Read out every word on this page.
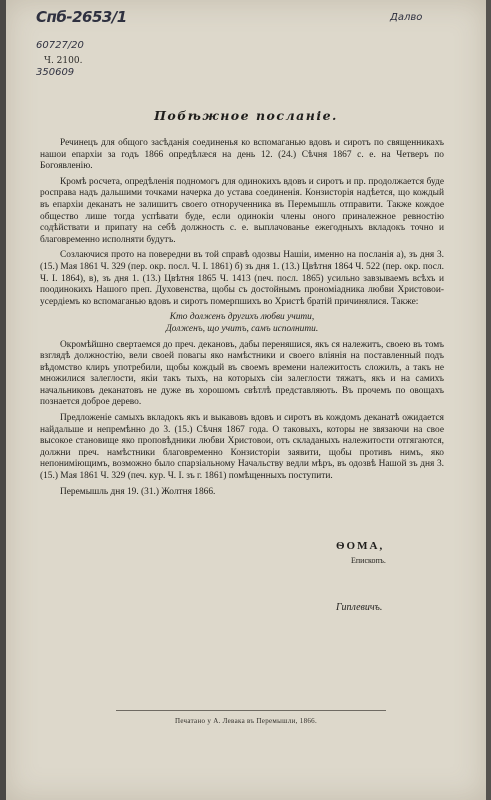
Спб-2653/1
60727/20
Ч. 2100.
350609
Далво
Побѣжное посланіе.

Речинецъ для общого засѣданія соединенья ко вспомаганью вдовъ и сиротъ по священникахъ нашои епархіи за годъ 1866 опредѣлæся на день 12. (24.) Сѣчня 1867 с. е. на Четверъ по Богоявленію.

Кромѣ росчета, опредѣленія подномогъ для одинокихъ вдовъ и сиротъ и пр. продолжается буде росправа надъ дальшими точками начерка до устава соединенія. Конзисторія надѣется, що кождый въ епархіи деканатъ не залишитъ своего отнорученника въ Перемышль отправити. Также кождое общество лише тогда успѣвати буде, если одинокіи члены оного приналежное ревностію содѣйствати и припату на себѣ должность с. е. выплачованье ежегодныхъ вкладокъ точно и благовременно исполняти будутъ.

Созлаючися прото на повередни въ той справѣ одозвы Нашіи, именно на посланія а), зъ дня 3. (15.) Мая 1861 Ч. 329 (пер. окр. посл. Ч. І. 1861) б) зъ дня 1. (13.) Цвѣтня 1864 Ч. 522 (пер. окр. посл. Ч. І. 1864), в), зъ дня 1. (13.) Цвѣтня 1865 Ч. 1413 (печ. посл. 1865) усильно завзываемъ всѣхъ и поодинокихъ Нашого преп. Духовенства, щобы съ достойнымъ прономіадника любви Христовои-усердіемъ ко вспомаганью вдовъ и сиротъ померпшихъ во Христѣ братій причинялися. Также:

Кто долженъ другихъ любви учити,

Долженъ, що учитъ, самъ исполнити.

Окромѣйшно свертаемся до преч. декановъ, дабы переняшися, якъ ся належитъ, своею въ томъ взглядѣ должностію, вели своей повагы яко намѣстники и своего вліянія на поставленный подъ вѣдомство клиръ употребили, щобы кождый въ своемъ времени належитость сложилъ, а такъ не множилися залеглости, якіи такъ тыхъ, на которыхъ сіи залеглости тяжатъ, якъ и на самихъ начальниковъ деканатовъ не дуже въ хорошомъ свѣтлѣ представляють. Въ прочемъ по овощахъ познается доброе дерево.

Предложеніе самыхъ вкладокъ якъ и выкавовъ вдовъ и сиротъ въ кождомъ деканатѣ ожидается найдальше и непремѣнно до 3. (15.) Сѣчня 1867 года. О таковыхъ, которы не звязаючи на свое высокое становище яко проповѣдники любви Христовои, отъ складаныхъ належитости отгягаются, должни преч. намѣстники благовременно Конзисторіи заявити, щобы противъ нимъ, яко непониміющимъ, возможно было спарзіальному Начальству ведли мѣръ, въ одозвѣ Нашой зъ дня 3. (15.) Мая 1861 Ч. 329 (печ. кур. Ч. І. зъ г. 1861) помѣщенныхъ поступити.

Перемышль дня 19. (31.) Жолтня 1866.

ѲОМА,
Епископъ.
Гиплевичъ.
Печатано у А. Левака въ Перемышли, 1866.
